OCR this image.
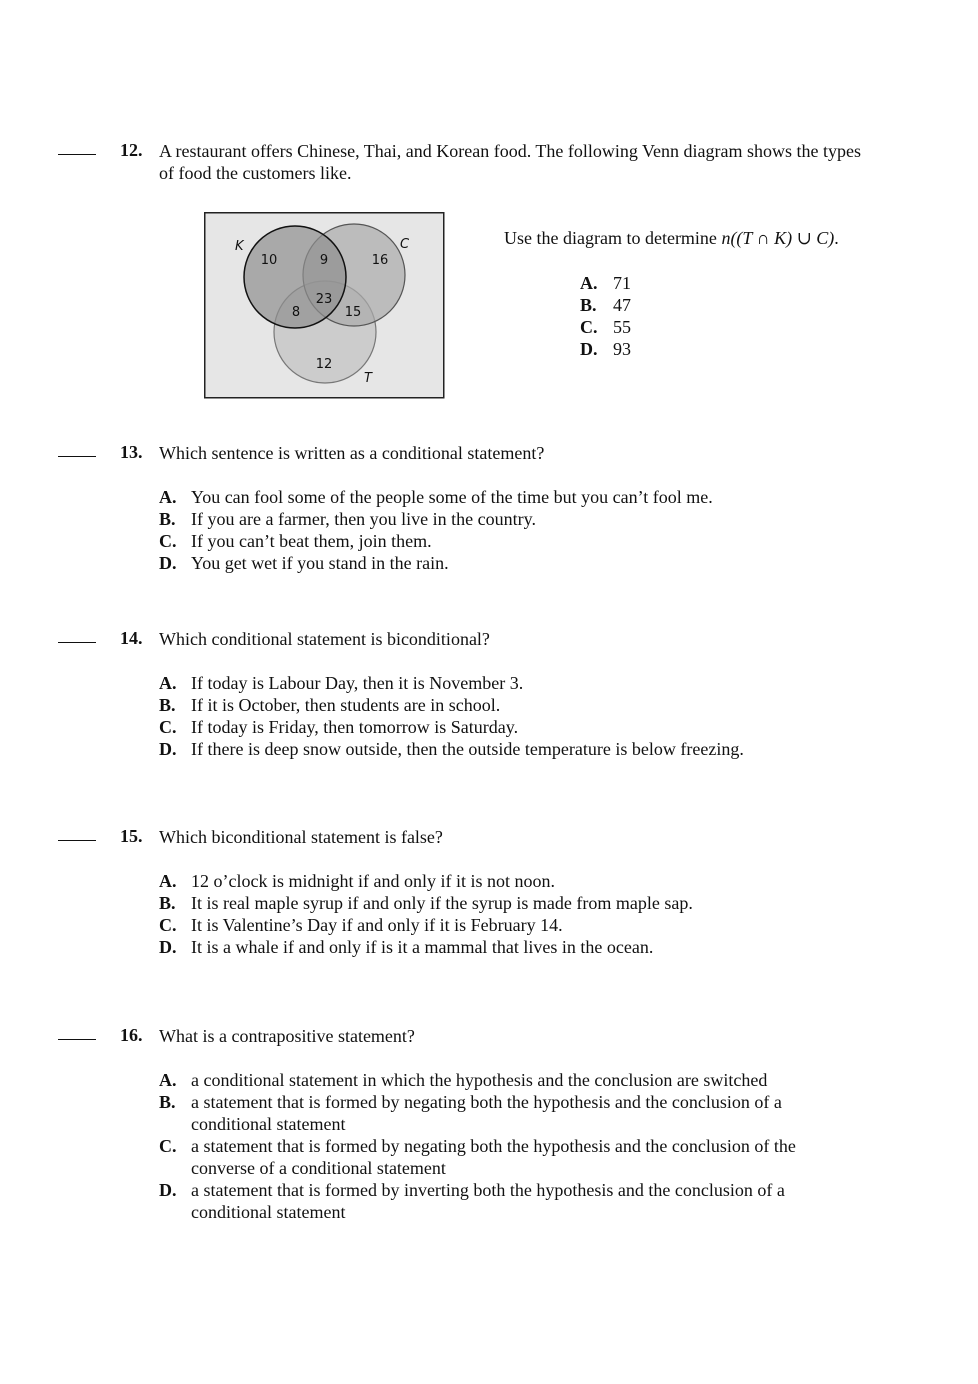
12. A restaurant offers Chinese, Thai, and Korean food. The following Venn diagram shows the types of food the customers like.
K	C
T
10	9	16
23
8	15
12
Use the diagram to determine n((T ∩ K) ∪ C).
A. 71
B. 47
C. 55
D. 93
13. Which sentence is written as a conditional statement?
A. You can fool some of the people some of the time but you can’t fool me.
B. If you are a farmer, then you live in the country.
C. If you can’t beat them, join them.
D. You get wet if you stand in the rain.
14. Which conditional statement is biconditional?
A. If today is Labour Day, then it is November 3.
B. If it is October, then students are in school.
C. If today is Friday, then tomorrow is Saturday.
D. If there is deep snow outside, then the outside temperature is below freezing.
15. Which biconditional statement is false?
A. 12 o’clock is midnight if and only if it is not noon.
B. It is real maple syrup if and only if the syrup is made from maple sap.
C. It is Valentine’s Day if and only if it is February 14.
D. It is a whale if and only if is it a mammal that lives in the ocean.
16. What is a contrapositive statement?
A. a conditional statement in which the hypothesis and the conclusion are switched
B. a statement that is formed by negating both the hypothesis and the conclusion of a conditional statement
C. a statement that is formed by negating both the hypothesis and the conclusion of the converse of a conditional statement
D. a statement that is formed by inverting both the hypothesis and the conclusion of a conditional statement
